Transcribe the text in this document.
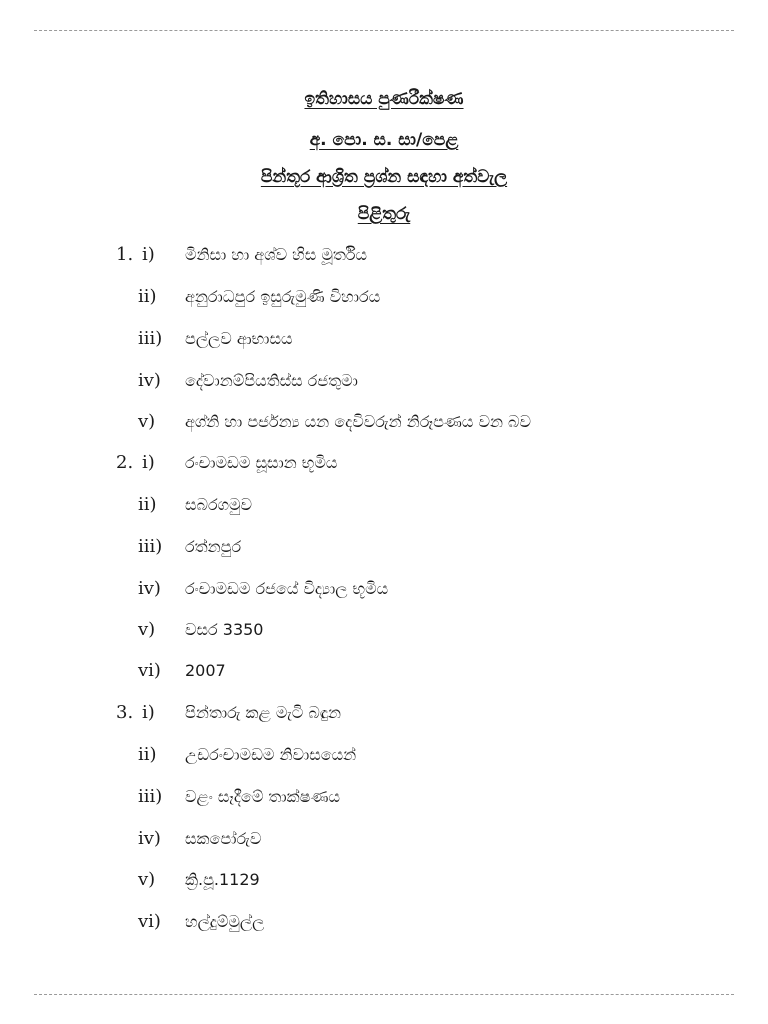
ඉතිහාසය පුණරීක්ෂණ
අ. පො. ස. සා/පෙළ
පින්තූර ආශ්‍රිත ප්‍රශ්න සඳහා අත්වැල
පිළිතුරු
1. i)	මිනිසා හා අශ්ව හිස මූර්තිය
ii)	අනුරාධපුර ඉසුරුමුණි විහාරය
iii)	පල්ලව ආභාසය
iv)	දේවානම්පියතිස්ස රජතුමා
v)	අග්නි හා පර්ජන්‍ය යන දෙවිවරුන් නිරූපණය වන බව
2. i)	රංචාමඩම සූසාන භූමිය
ii)	සබරගමුව
iii)	රත්නපුර
iv)	රංචාමඩම රජයේ විද්‍යාල භූමිය
v)	වසර 3350
vi)	2007
3. i)	පින්තාරු කළ මැටි බඳුන
ii)	උඩරංචාමඩම නිවාසයෙන්
iii)	වළං සෑදීමේ තාක්ෂණය
iv)	සකපෝරුව
v)	ක්‍රි.පූ.1129
vi)	හල්දුම්මුල්ල
